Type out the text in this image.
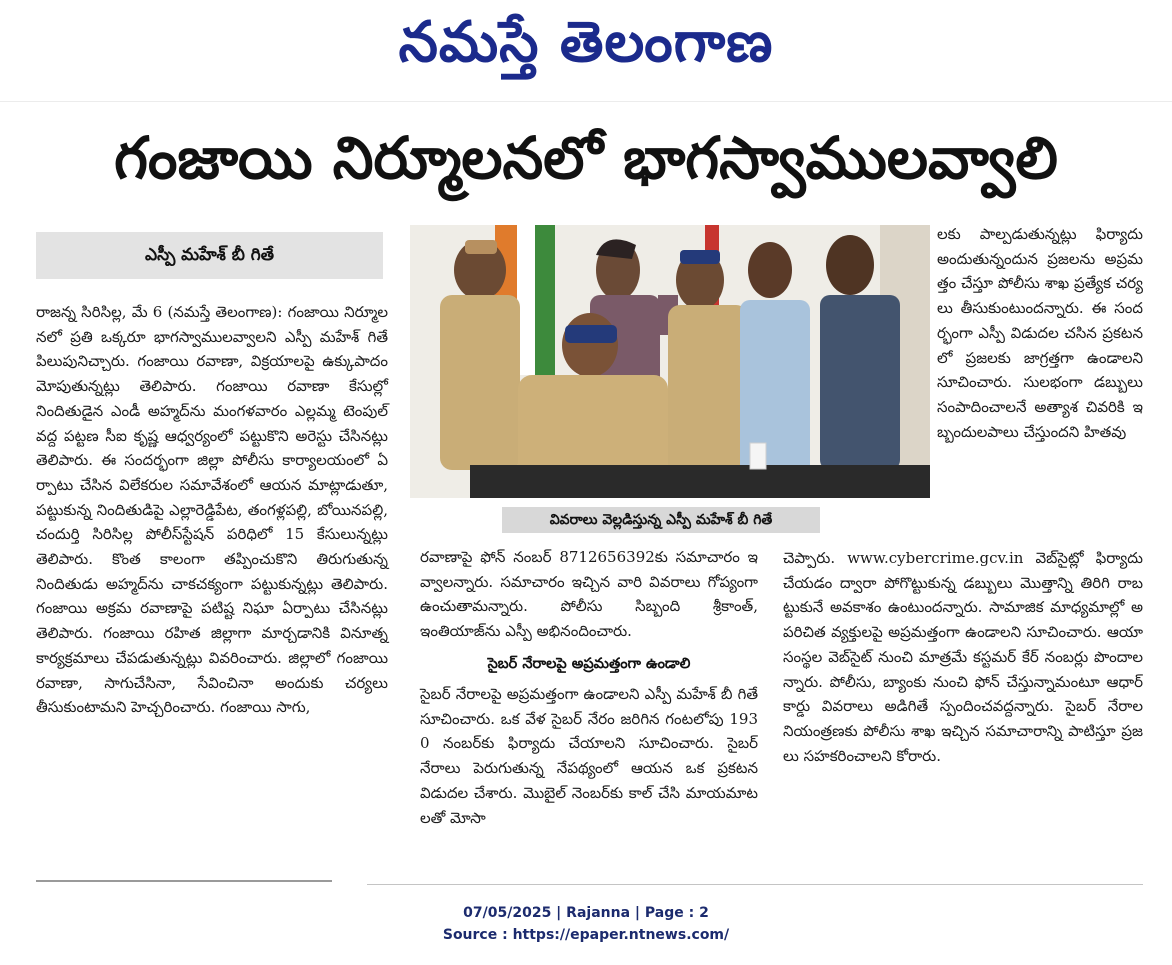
నమస్తే తెలంగాణ
గంజాయి నిర్మూలనలో భాగస్వాములవ్వాలి
ఎస్పీ మహేశ్ బీ గితే

రాజన్న సిరిసిల్ల, మే 6 (నమస్తే తెలంగాణ): గంజాయి నిర్మూలనలో ప్రతి ఒక్కరూ భాగస్వాములవ్వాలని ఎస్పీ మహేశ్ గితే పిలుపునిచ్చారు. గంజాయి రవాణా, విక్రయాలపై ఉక్కుపాదం మోపుతున్నట్లు తెలిపారు. గంజాయి రవాణా కేసుల్లో నిందితుడైన ఎండీ అహ్మద్‌ను మంగళవారం ఎల్లమ్మ టెంపుల్ వద్ద పట్టణ సీఐ కృష్ణ ఆధ్వర్యంలో పట్టుకొని అరెస్టు చేసినట్లు తెలిపారు. ఈ సందర్భంగా జిల్లా పోలీసు కార్యాలయంలో ఏర్పాటు చేసిన విలేకరుల సమావేశంలో ఆయన మాట్లాడుతూ, పట్టుకున్న నిందితుడిపై ఎల్లారెడ్డిపేట, తంగళ్లపల్లి, బోయినపల్లి, చందుర్తి సిరిసిల్ల పోలీస్‌స్టేషన్ పరిధిలో 15 కేసులున్నట్లు తెలిపారు. కొంత కాలంగా తప్పించుకొని తిరుగుతున్న నిందితుడు అహ్మద్‌ను చాకచక్యంగా పట్టుకున్నట్లు తెలిపారు. గంజాయి అక్రమ రవాణాపై పటిష్ట నిఘా ఏర్పాటు చేసినట్లు తెలిపారు. గంజాయి రహిత జిల్లాగా మార్చడానికి వినూత్న కార్యక్రమాలు చేపడుతున్నట్లు వివరించారు. జిల్లాలో గంజాయి రవాణా, సాగుచేసినా, సేవించినా అందుకు చర్యలు తీసుకుంటామని హెచ్చరించారు. గంజాయి సాగు,

వివరాలు వెల్లడిస్తున్న ఎస్పీ మహేశ్ బీ గితే

లకు పాల్పడుతున్నట్లు ఫిర్యాదు అందుతున్నందున ప్రజలను అప్రమత్తం చేస్తూ పోలీసు శాఖ ప్రత్యేక చర్యలు తీసుకుంటుందన్నారు. ఈ సందర్భంగా ఎస్పీ విడుదల చసిన ప్రకటనలో ప్రజలకు జాగ్రత్తగా ఉండాలని సూచించారు. సులభంగా డబ్బులు సంపాదించాలనే అత్యాశ చివరికి ఇబ్బందులపాలు చేస్తుందని హితవు

రవాణాపై ఫోన్ నంబర్ 8712656392కు సమాచారం ఇవ్వాలన్నారు. సమాచారం ఇచ్చిన వారి వివరాలు గోప్యంగా ఉంచుతామన్నారు. పోలీసు సిబ్బంది శ్రీకాంత్, ఇంతియాజ్‌ను ఎస్పీ అభినందించారు.

సైబర్ నేరాలపై అప్రమత్తంగా ఉండాలి

సైబర్ నేరాలపై అప్రమత్తంగా ఉండాలని ఎస్పీ మహేశ్ బీ గితే సూచించారు. ఒక వేళ సైబర్ నేరం జరిగిన గంటలోపు 1930 నంబర్‌కు ఫిర్యాదు చేయాలని సూచించారు. సైబర్ నేరాలు పెరుగుతున్న నేపథ్యంలో ఆయన ఒక ప్రకటన విడుదల చేశారు. మొబైల్ నెంబర్‌కు కాల్ చేసి మాయమాటలతో మోసా

చెప్పారు. www.cybercrime.gcv.in వెబ్‌సైట్లో ఫిర్యాదు చేయడం ద్వారా పోగొట్టుకున్న డబ్బులు మొత్తాన్ని తిరిగి రాబట్టుకునే అవకాశం ఉంటుందన్నారు. సామాజిక మాధ్యమాల్లో అపరిచిత వ్యక్తులపై అప్రమత్తంగా ఉండాలని సూచించారు. ఆయా సంస్థల వెబ్‌సైట్ నుంచి మాత్రమే కస్టమర్ కేర్ నంబర్లు పొందాలన్నారు. పోలీసు, బ్యాంకు నుంచి ఫోన్ చేస్తున్నామంటూ ఆధార్ కార్డు వివరాలు అడిగితే స్పందించవద్దన్నారు. సైబర్ నేరాల నియంత్రణకు పోలీసు శాఖ ఇచ్చిన సమాచారాన్ని పాటిస్తూ ప్రజలు సహకరించాలని కోరారు.

07/05/2025 | Rajanna | Page : 2
Source : https://epaper.ntnews.com/
